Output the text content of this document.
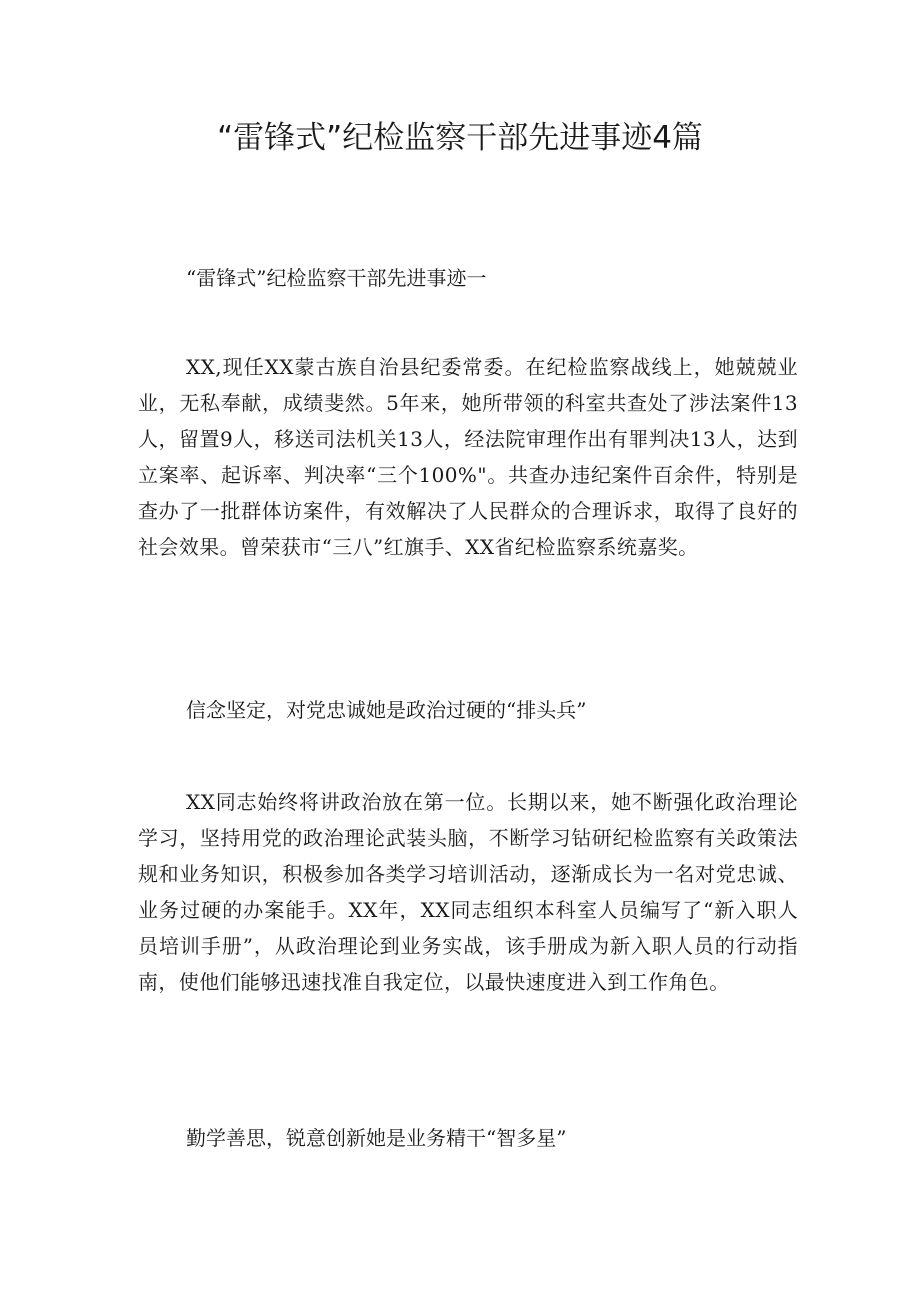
“雷锋式”纪检监察干部先进事迹4篇

“雷锋式”纪检监察干部先进事迹一

XX,现任XX蒙古族自治县纪委常委。在纪检监察战线上，她兢兢业业，无私奉献，成绩斐然。5年来，她所带领的科室共查处了涉法案件13人，留置9人，移送司法机关13人，经法院审理作出有罪判决13人，达到立案率、起诉率、判决率“三个100%"。共查办违纪案件百余件，特别是查办了一批群体访案件，有效解决了人民群众的合理诉求，取得了良好的社会效果。曾荣获市“三八”红旗手、XX省纪检监察系统嘉奖。

信念坚定，对党忠诚她是政治过硬的“排头兵”

XX同志始终将讲政治放在第一位。长期以来，她不断强化政治理论学习，坚持用党的政治理论武装头脑，不断学习钻研纪检监察有关政策法规和业务知识，积极参加各类学习培训活动，逐渐成长为一名对党忠诚、业务过硬的办案能手。XX年，XX同志组织本科室人员编写了“新入职人员培训手册”，从政治理论到业务实战，该手册成为新入职人员的行动指南，使他们能够迅速找准自我定位，以最快速度进入到工作角色。

勤学善思，锐意创新她是业务精干“智多星”
